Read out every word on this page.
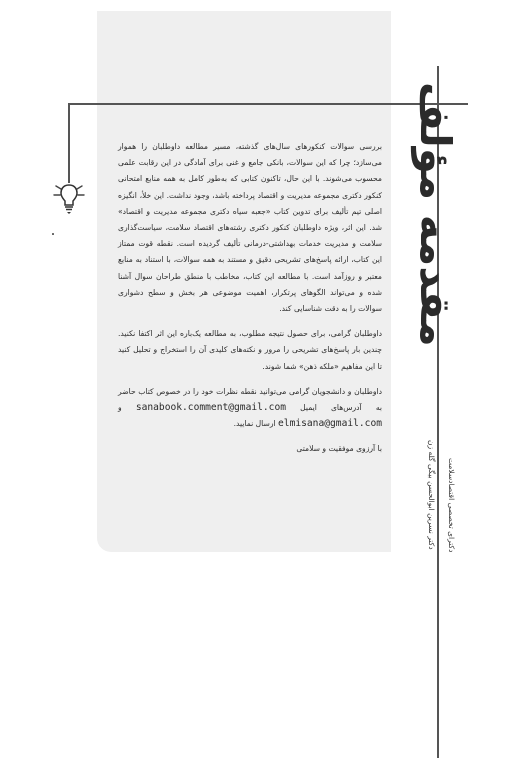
مقدمه مؤلف
دکتر نسرین ابوالحسن بیگی گله زن دکترای تخصصی اقتصادسلامت

بررسی سوالات کنکورهای سال‌های گذشته، مسیر مطالعه داوطلبان را هموار می‌سازد؛ چرا که این سوالات، بانکی جامع و غنی برای آمادگی در این رقابت علمی محسوب می‌شوند. با این حال، تاکنون کتابی که به‌طور کامل به همه منابع امتحانی کنکور دکتری مجموعه مدیریت و اقتصاد پرداخته باشد، وجود نداشت. این خلأ، انگیزه اصلی تیم تألیف برای تدوین کتاب «جعبه سیاه دکتری مجموعه مدیریت و اقتصاد» شد. این اثر، ویژه داوطلبان کنکور دکتری رشته‌های اقتصاد سلامت، سیاست‌گذاری سلامت و مدیریت خدمات بهداشتی-درمانی تألیف گردیده است. نقطه قوت ممتاز این کتاب، ارائه پاسخ‌های تشریحی دقیق و مستند به همه سوالات، با استناد به منابع معتبر و روزآمد است. با مطالعه این کتاب، مخاطب با منطق طراحان سوال آشنا شده و می‌تواند الگوهای پرتکرار، اهمیت موضوعی هر بخش و سطح دشواری سوالات را به دقت شناسایی کند.

داوطلبان گرامی، برای حصول نتیجه مطلوب، به مطالعه یک‌باره این اثر اکتفا نکنید. چندین بار پاسخ‌های تشریحی را مرور و نکته‌های کلیدی آن را استخراج و تحلیل کنید تا این مفاهیم «ملکه ذهن» شما شوند.

داوطلبان و دانشجویان گرامی می‌توانید نقطه نظرات خود را در خصوص کتاب حاضر به آدرس‌های ایمیل sanabook.comment@gmail.com و elmisana@gmail.com ارسال نمایید.

با آرزوی موفقیت و سلامتی
